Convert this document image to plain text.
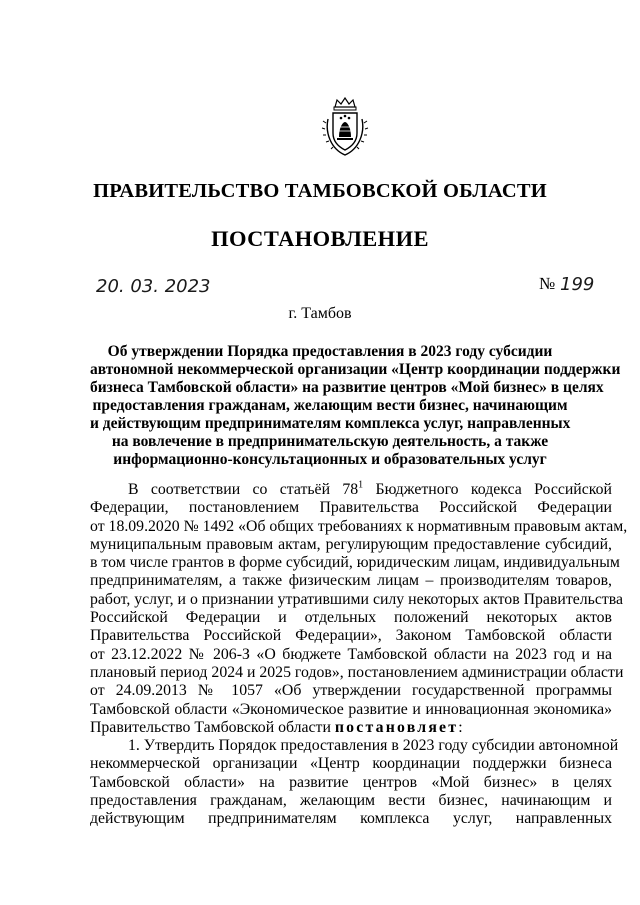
ПРАВИТЕЛЬСТВО ТАМБОВСКОЙ ОБЛАСТИ
ПОСТАНОВЛЕНИЕ
20. 03. 2023	№ 199
г. Тамбов
Об утверждении Порядка предоставления в 2023 году субсидии
автономной некоммерческой организации «Центр координации поддержки
бизнеса Тамбовской области» на развитие центров «Мой бизнес» в целях
предоставления гражданам, желающим вести бизнес, начинающим
и действующим предпринимателям комплекса услуг, направленных
на вовлечение в предпринимательскую деятельность, а также
информационно-консультационных и образовательных услуг
В соответствии со статьёй $78^1$ Бюджетного кодекса Российской
Федерации, постановлением Правительства Российской Федерации
от 18.09.2020 № 1492 «Об общих требованиях к нормативным правовым актам,
муниципальным правовым актам, регулирующим предоставление субсидий,
в том числе грантов в форме субсидий, юридическим лицам, индивидуальным
предпринимателям, а также физическим лицам – производителям товаров,
работ, услуг, и о признании утратившими силу некоторых актов Правительства
Российской Федерации и отдельных положений некоторых актов
Правительства Российской Федерации», Законом Тамбовской области
от 23.12.2022 № 206-З «О бюджете Тамбовской области на 2023 год и на
плановый период 2024 и 2025 годов», постановлением администрации области
от 24.09.2013 № 1057 «Об утверждении государственной программы
Тамбовской области «Экономическое развитие и инновационная экономика»
Правительство Тамбовской области постановляет:
1. Утвердить Порядок предоставления в 2023 году субсидии автономной
некоммерческой организации «Центр координации поддержки бизнеса
Тамбовской области» на развитие центров «Мой бизнес» в целях
предоставления гражданам, желающим вести бизнес, начинающим и
действующим предпринимателям комплекса услуг, направленных
